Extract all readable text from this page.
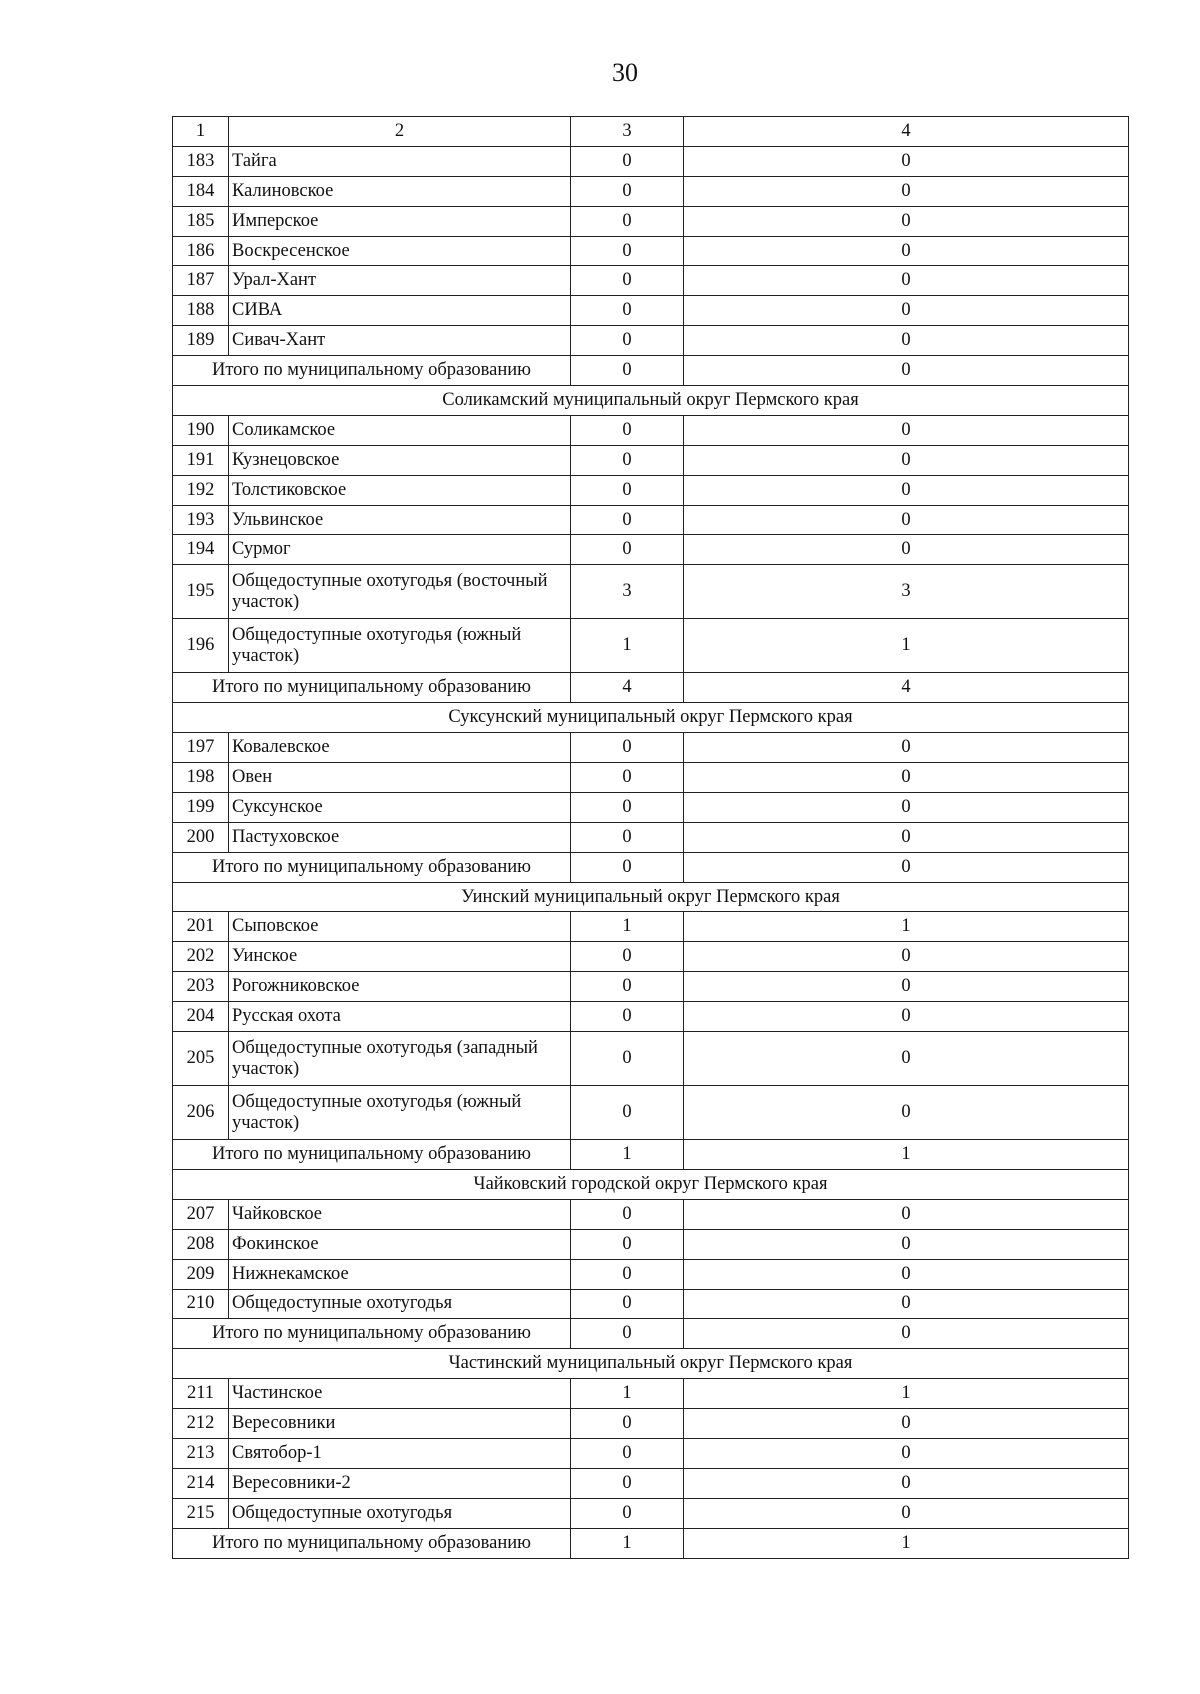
30
1	2	3	4
183	Тайга	0	0
184	Калиновское	0	0
185	Имперское	0	0
186	Воскресенское	0	0
187	Урал-Хант	0	0
188	СИВА	0	0
189	Сивач-Хант	0	0
Итого по муниципальному образованию		0	0
Соликамский муниципальный округ Пермского края			
190	Соликамское	0	0
191	Кузнецовское	0	0
192	Толстиковское	0	0
193	Ульвинское	0	0
194	Сурмог	0	0
195	Общедоступные охотугодья (восточный участок)	3	3
196	Общедоступные охотугодья (южный участок)	1	1
Итого по муниципальному образованию		4	4
Суксунский муниципальный округ Пермского края			
197	Ковалевское	0	0
198	Овен	0	0
199	Суксунское	0	0
200	Пастуховское	0	0
Итого по муниципальному образованию		0	0
Уинский муниципальный округ Пермского края			
201	Сыповское	1	1
202	Уинское	0	0
203	Рогожниковское	0	0
204	Русская охота	0	0
205	Общедоступные охотугодья (западный участок)	0	0
206	Общедоступные охотугодья (южный участок)	0	0
Итого по муниципальному образованию		1	1
Чайковский городской округ Пермского края			
207	Чайковское	0	0
208	Фокинское	0	0
209	Нижнекамское	0	0
210	Общедоступные охотугодья	0	0
Итого по муниципальному образованию		0	0
Частинский муниципальный округ Пермского края			
211	Частинское	1	1
212	Вересовники	0	0
213	Святобор-1	0	0
214	Вересовники-2	0	0
215	Общедоступные охотугодья	0	0
Итого по муниципальному образованию		1	1
